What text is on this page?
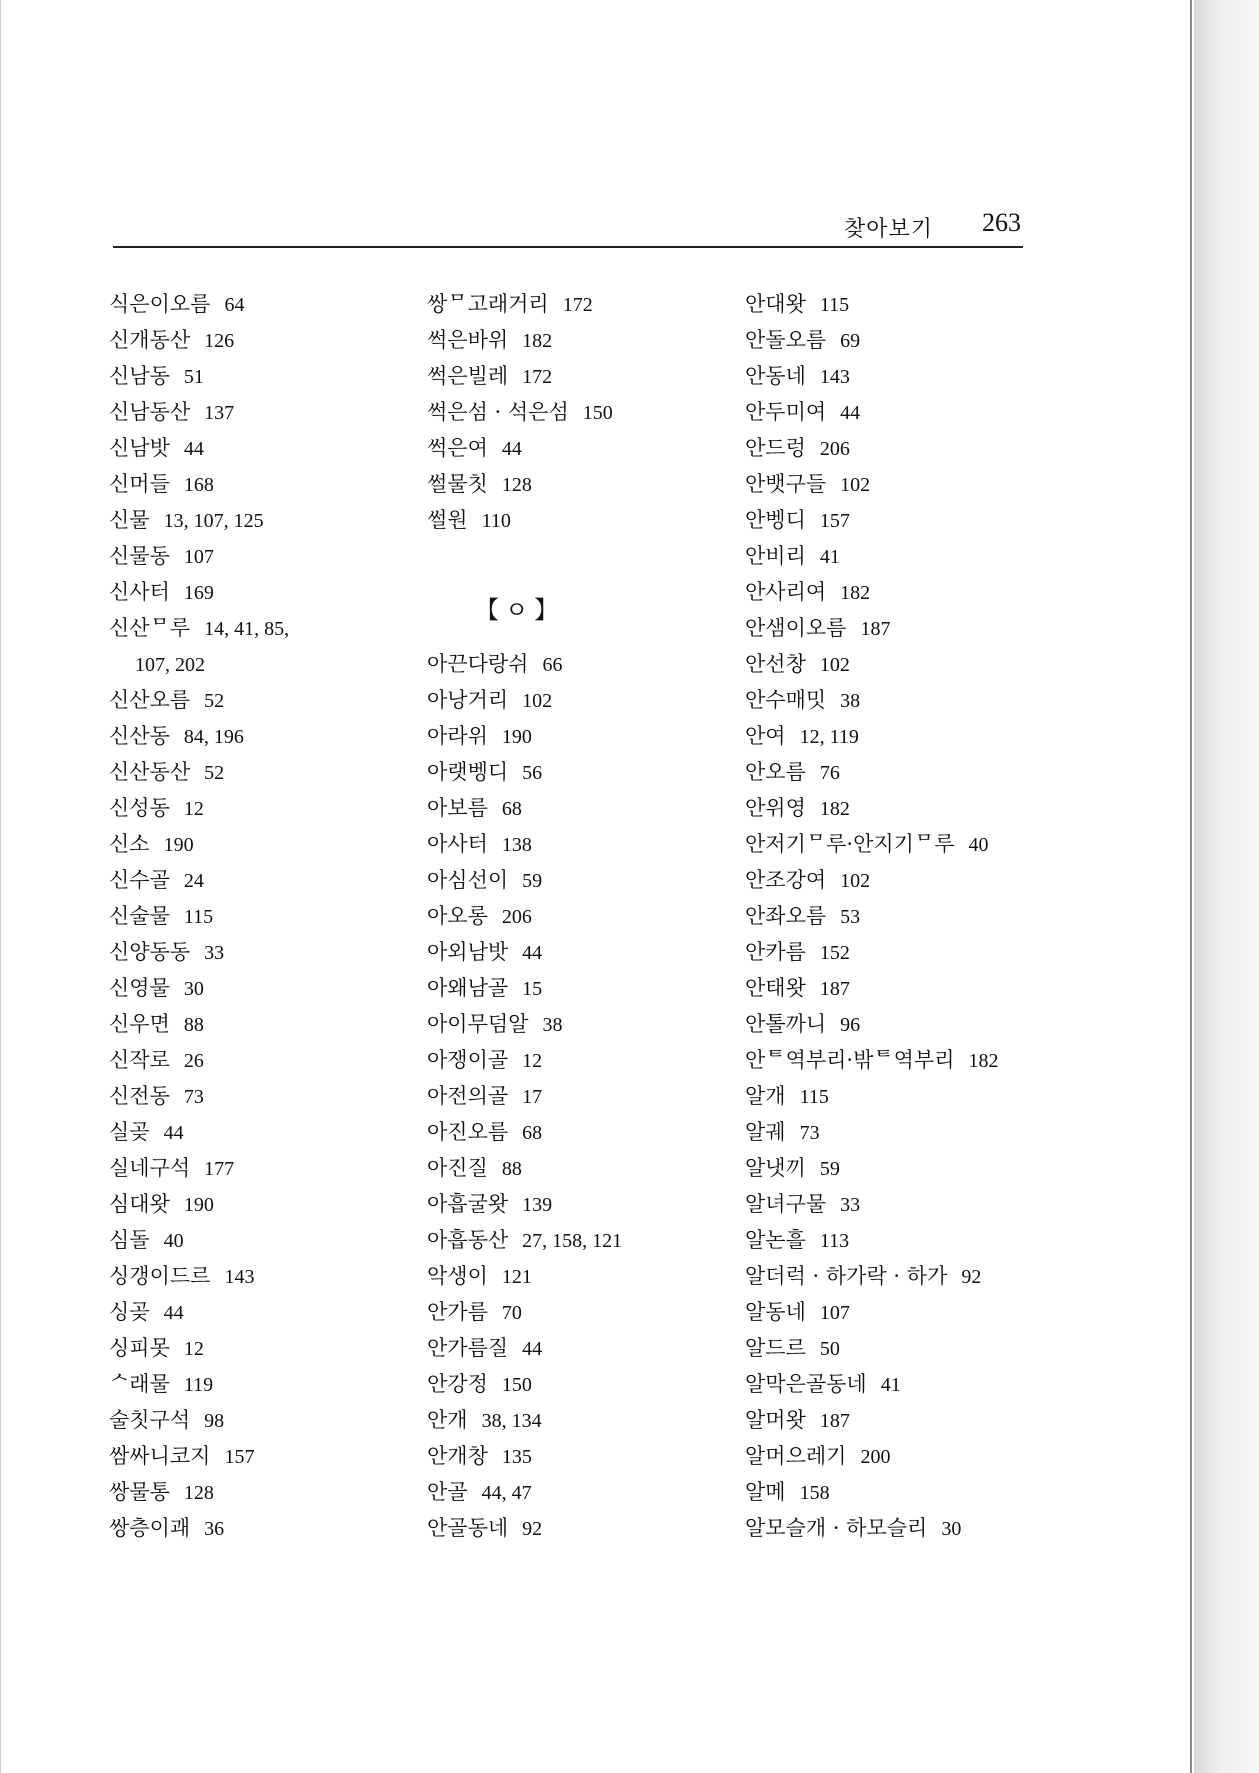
찾아보기 263
식은이오름 64
신개동산 126
신남동 51
신남동산 137
신남밧 44
신머들 168
신물 13, 107, 125
신물동 107
신사터 169
신산ᄆ루 14, 41, 85,
107, 202
신산오름 52
신산동 84, 196
신산동산 52
신성동 12
신소 190
신수골 24
신술물 115
신양동동 33
신영물 30
신우면 88
신작로 26
신전동 73
실곶 44
실네구석 177
심대왓 190
심돌 40
싱갱이드르 143
싱곶 44
싱피못 12
ᄉ래물 119
술칫구석 98
쌈싸니코지 157
쌍물통 128
쌍층이괘 36
쌍ᄆ고래거리 172
썩은바위 182
썩은빌레 172
썩은섬 · 석은섬 150
썩은여 44
썰물칫 128
썰원 110
【ㅇ】
아끈다랑쉬 66
아낭거리 102
아라위 190
아랫벵디 56
아보름 68
아사터 138
아심선이 59
아오롱 206
아외남밧 44
아왜남골 15
아이무덤알 38
아쟁이골 12
아전의골 17
아진오름 68
아진질 88
아흡굴왓 139
아흡동산 27, 158, 121
악생이 121
안가름 70
안가름질 44
안강정 150
안개 38, 134
안개창 135
안골 44, 47
안골동네 92
안대왓 115
안돌오름 69
안동네 143
안두미여 44
안드렁 206
안뱃구들 102
안벵디 157
안비리 41
안사리여 182
안샘이오름 187
안선창 102
안수매밋 38
안여 12, 119
안오름 76
안위영 182
안저기ᄆ루·안지기ᄆ루 40
안조강여 102
안좌오름 53
안카름 152
안태왓 187
안톨까니 96
안ᄐ역부리·밖ᄐ역부리 182
알개 115
알궤 73
알냇끼 59
알녀구물 33
알논흘 113
알더럭 · 하가락 · 하가 92
알동네 107
알드르 50
알막은골동네 41
알머왓 187
알머으레기 200
알메 158
알모슬개 · 하모슬리 30
